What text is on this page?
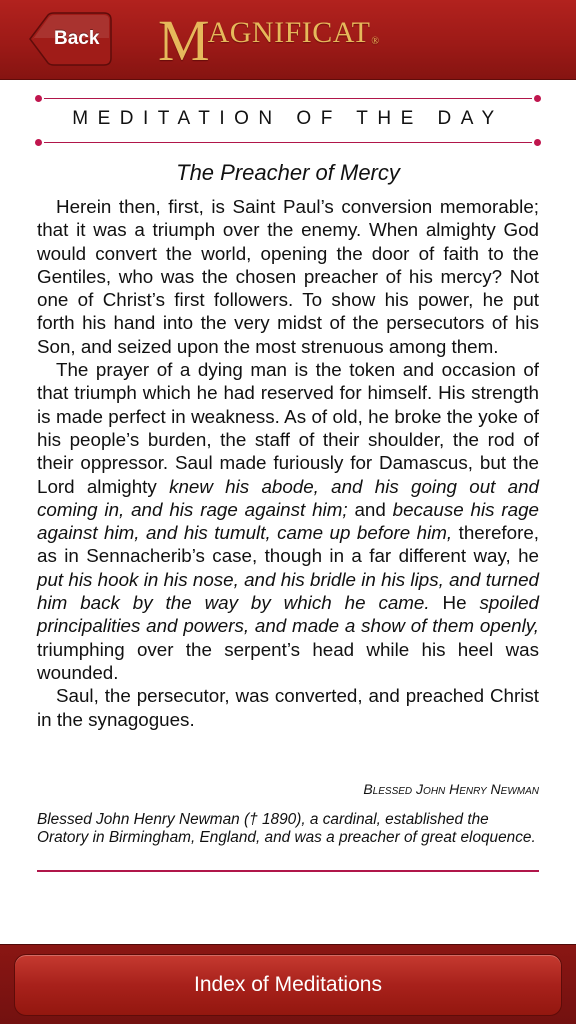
Back M
AGNIFICAT ®
MEDITATION OF THE DAY
The Preacher of Mercy

Herein then, first, is Saint Paul’s conversion memorable; that it was a triumph over the enemy. When almighty God would convert the world, opening the door of faith to the Gentiles, who was the chosen preacher of his mercy? Not one of Christ’s first followers. To show his power, he put forth his hand into the very midst of the persecutors of his Son, and seized upon the most strenuous among them.

The prayer of a dying man is the token and occasion of that triumph which he had reserved for himself. His strength is made perfect in weakness. As of old, he broke the yoke of his people’s burden, the staff of their shoulder, the rod of their oppressor. Saul made furiously for Damascus, but the Lord almighty knew his abode, and his going out and coming in, and his rage against him; and because his rage against him, and his tumult, came up before him, therefore, as in Sennacherib’s case, though in a far different way, he put his hook in his nose, and his bridle in his lips, and turned him back by the way by which he came. He spoiled principalities and powers, and made a show of them openly, triumphing over the serpent’s head while his heel was wounded.

Saul, the persecutor, was converted, and preached Christ in the synagogues.

Blessed John Henry Newman
Blessed John Henry Newman († 1890), a cardinal, established the Oratory in Birmingham, England, and was a preacher of great eloquence.
Index of Meditations
